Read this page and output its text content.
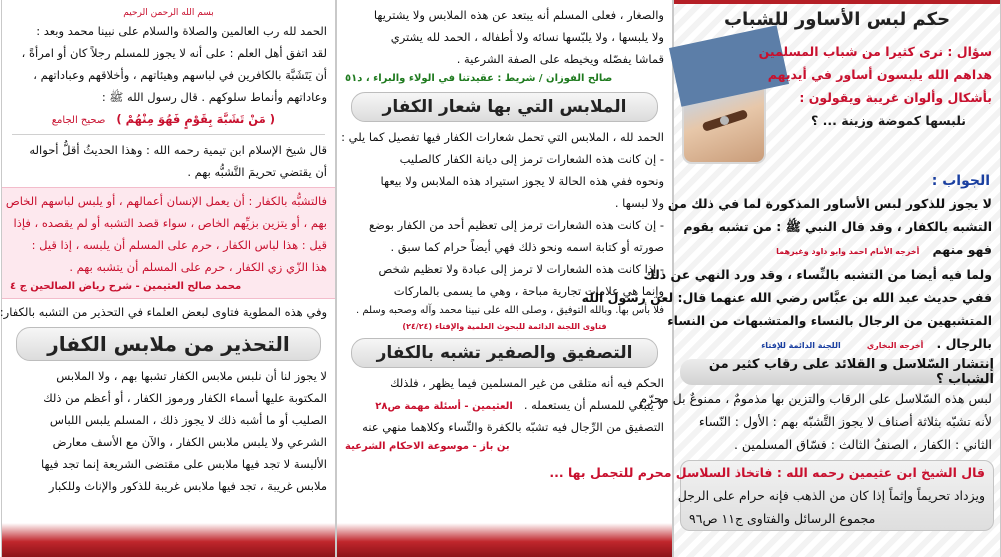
بسم الله الرحمن الرحيم
الحمد لله رب العالمين والصلاة والسلام على نبينا محمد وبعد :
لقد اتفق أهل العلم : على أنه لا يجوز للمسلم رجلاً كان أو امرأةً ،
أن يَتَشَبَّهَ بالكافرين في لباسهم وهيئاتهم ، وأخلاقهم وعباداتهم ،
وعاداتهم وأنماط سلوكهم . قال رسول الله ﷺ :
( مَنْ تَشَبَّهَ بِقَوْمٍ فَهُوَ مِنْهُمْ )   صحيح الجامع
قال شيخ الإسلام ابن تيمية رحمه الله : وهذا الحديثُ أقلُّ أحواله
أن يقتضي تحريمَ التَّشبُّه بهم .
فالتشبُّه بالكفار : أن يعمل الإنسان أعمالهم ، أو يلبس لباسهم الخاص
بهم ، أو يتزين بزيِّهم الخاص ، سواء قصد التشبه أو لم يقصده ، فإذا
قيل : هذا لباس الكفار ، حرم على المسلم أن يلبسه ، إذا قيل :
هذا الزّي زي الكفار ، حرم على المسلم أن يتشبه بهم .
محمد صالح العثيمين - شرح رياض الصالحين ج ٤
وفي هذه المطوية فتاوى لبعض العلماء في التحذير من التشبه بالكفار:
التحذير من ملابس الكفار
لا يجوز لنا أن نلبس ملابس الكفار تشبها بهم ، ولا الملابس
المكتوبة عليها أسماء الكفار ورموز الكفار ، أو أعظم من ذلك
الصليب أو ما أشبه ذلك لا يجوز ذلك ، المسلم يلبس اللباس
الشرعي ولا يلبس ملابس الكفار ، والآن مع الأسف معارض
الألبسة لا تجد فيها ملابس على مقتضى الشريعة إنما تجد فيها
ملابس غريبة ، تجد فيها ملابس غريبة للذكور والإناث وللكبار
والصغار ، فعلى المسلم أنه يبتعد عن هذه الملابس ولا يشتريها
ولا يلبسها ، ولا يلبّسها نسائه ولا أطفاله ، الحمد لله يشتري
قماشا يفصّله ويخيطه على الصفة الشرعية .
صالح الفوزان / شريط : عقيدتنا في الولاء والبراء ، د٥١
الملابس التي بها شعار الكفار
الحمد لله ، الملابس التي تحمل شعارات الكفار فيها تفصيل كما يلي :
- إن كانت هذه الشعارات ترمز إلى ديانة الكفار كالصليب
ونحوه ففي هذه الحالة لا يجوز استيراد هذه الملابس ولا بيعها
ولا لبسها .
- إن كانت هذه الشعارات ترمز إلى تعظيم أحد من الكفار بوضع
صورته أو كتابة اسمه ونحو ذلك فهي أيضاً حرام كما سبق .
- إذا كانت هذه الشعارات لا ترمز إلى عبادة ولا تعظيم شخص
وإنما هي علامات تجارية مباحة ، وهي ما يسمى بالماركات
فلا بأس بها. وبالله التوفيق ، وصلى الله على نبينا محمد وآله وصحبه وسلم .
فتاوى اللجنة الدائمة للبحوث العلمية والإفتاء (٢٤/٢٤)
التصفيق والصفير تشبه بالكفار
الحكم فيه أنه متلقى من غير المسلمين فيما يظهر ، فلذلك
لا ينبغي للمسلم أن يستعمله .   العثيمين - أسئلة مهمة ص٢٨
التصفيق من الرِّجال فيه تشبّه بالكفرة والنِّساء وكلاهما منهي عنه
بن باز - موسوعة الاحكام الشرعية
حكم لبس الأساور للشباب
سؤال : نرى كثيرا من شباب المسلمين
هداهم الله يلبسون أساور في أيديهم
بأشكال وألوان غريبة ويقولون :
نلبسها كموضة وزينة ... ؟
الجواب :
لا يجوز للذكور لبس الأساور المذكورة لما في ذلك من
التشبه بالكفار ، وقد قال النبي ﷺ : من تشبه بقوم
فهو منهم   أخرجه الأمام احمد وابو داود وغيرهما
ولما فيه أيضا من التشبه بالنِّساء ، وقد ورد النهي عن ذلك
ففي حديث عبد الله بن عبَّاس رضي الله عنهما قال: لعن رسول الله
المتشبهين من الرجال بالنساء والمتشبهات من النساء
بالرجال .   أخرجه البخاري      اللجنة الدائمة للإفتاء
إنتشار السّلاسل و القلائد على رقاب كثير من الشباب ؟
لبس هذه السّلاسل على الرقاب والتزين بها مذمومٌ ، ممنوعٌ بل محرّم
لأنه تشبّه بثلاثة أصناف لا يجوز التَّشبّه بهم : الأول : النّساء
الثاني : الكفار ، الصنفُ الثالث : فسّاق المسلمين .
قال الشيخ ابن عثيمين رحمه الله : فاتخاذ السلاسل محرم للتجمل بها ...
ويزداد تحريماً وإثماً إذا كان من الذهب فإنه حرام على الرجل
مجموع الرسائل والفتاوى ج١١ ص٩٦
